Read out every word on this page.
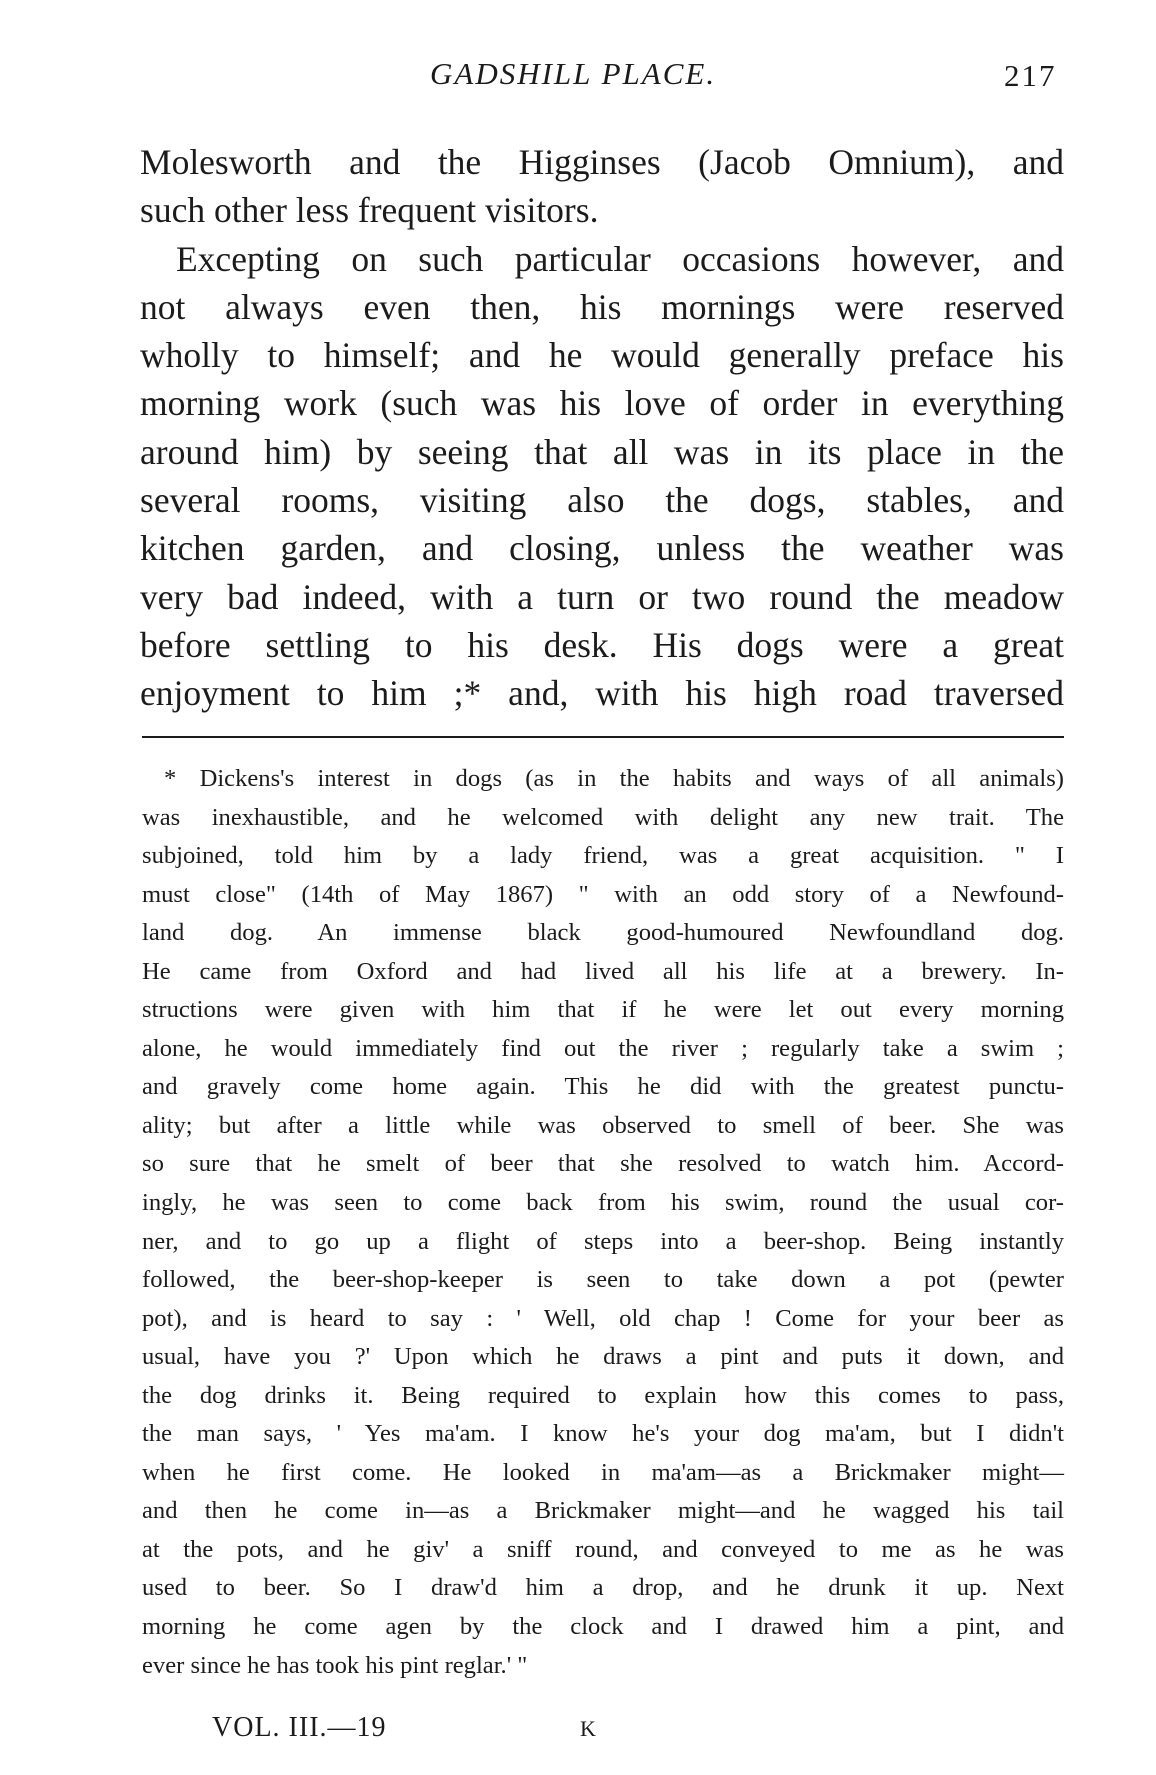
GADSHILL PLACE.	217
Molesworth and the Higginses (Jacob Omnium), and
such other less frequent visitors.
Excepting on such particular occasions however, and
not always even then, his mornings were reserved
wholly to himself; and he would generally preface his
morning work (such was his love of order in everything
around him) by seeing that all was in its place in the
several rooms, visiting also the dogs, stables, and
kitchen garden, and closing, unless the weather was
very bad indeed, with a turn or two round the meadow
before settling to his desk. His dogs were a great
enjoyment to him ;* and, with his high road traversed
* Dickens's interest in dogs (as in the habits and ways of all animals)
was inexhaustible, and he welcomed with delight any new trait. The
subjoined, told him by a lady friend, was a great acquisition. " I
must close" (14th of May 1867) " with an odd story of a Newfound-
land dog. An immense black good-humoured Newfoundland dog.
He came from Oxford and had lived all his life at a brewery. In-
structions were given with him that if he were let out every morning
alone, he would immediately find out the river ; regularly take a swim ;
and gravely come home again. This he did with the greatest punctu-
ality; but after a little while was observed to smell of beer. She was
so sure that he smelt of beer that she resolved to watch him. Accord-
ingly, he was seen to come back from his swim, round the usual cor-
ner, and to go up a flight of steps into a beer-shop. Being instantly
followed, the beer-shop-keeper is seen to take down a pot (pewter
pot), and is heard to say : ' Well, old chap ! Come for your beer as
usual, have you ?' Upon which he draws a pint and puts it down, and
the dog drinks it. Being required to explain how this comes to pass,
the man says, ' Yes ma'am. I know he's your dog ma'am, but I didn't
when he first come. He looked in ma'am—as a Brickmaker might—
and then he come in—as a Brickmaker might—and he wagged his tail
at the pots, and he giv' a sniff round, and conveyed to me as he was
used to beer. So I draw'd him a drop, and he drunk it up. Next
morning he come agen by the clock and I drawed him a pint, and
ever since he has took his pint reglar.' "
VOL. III.—19	K
